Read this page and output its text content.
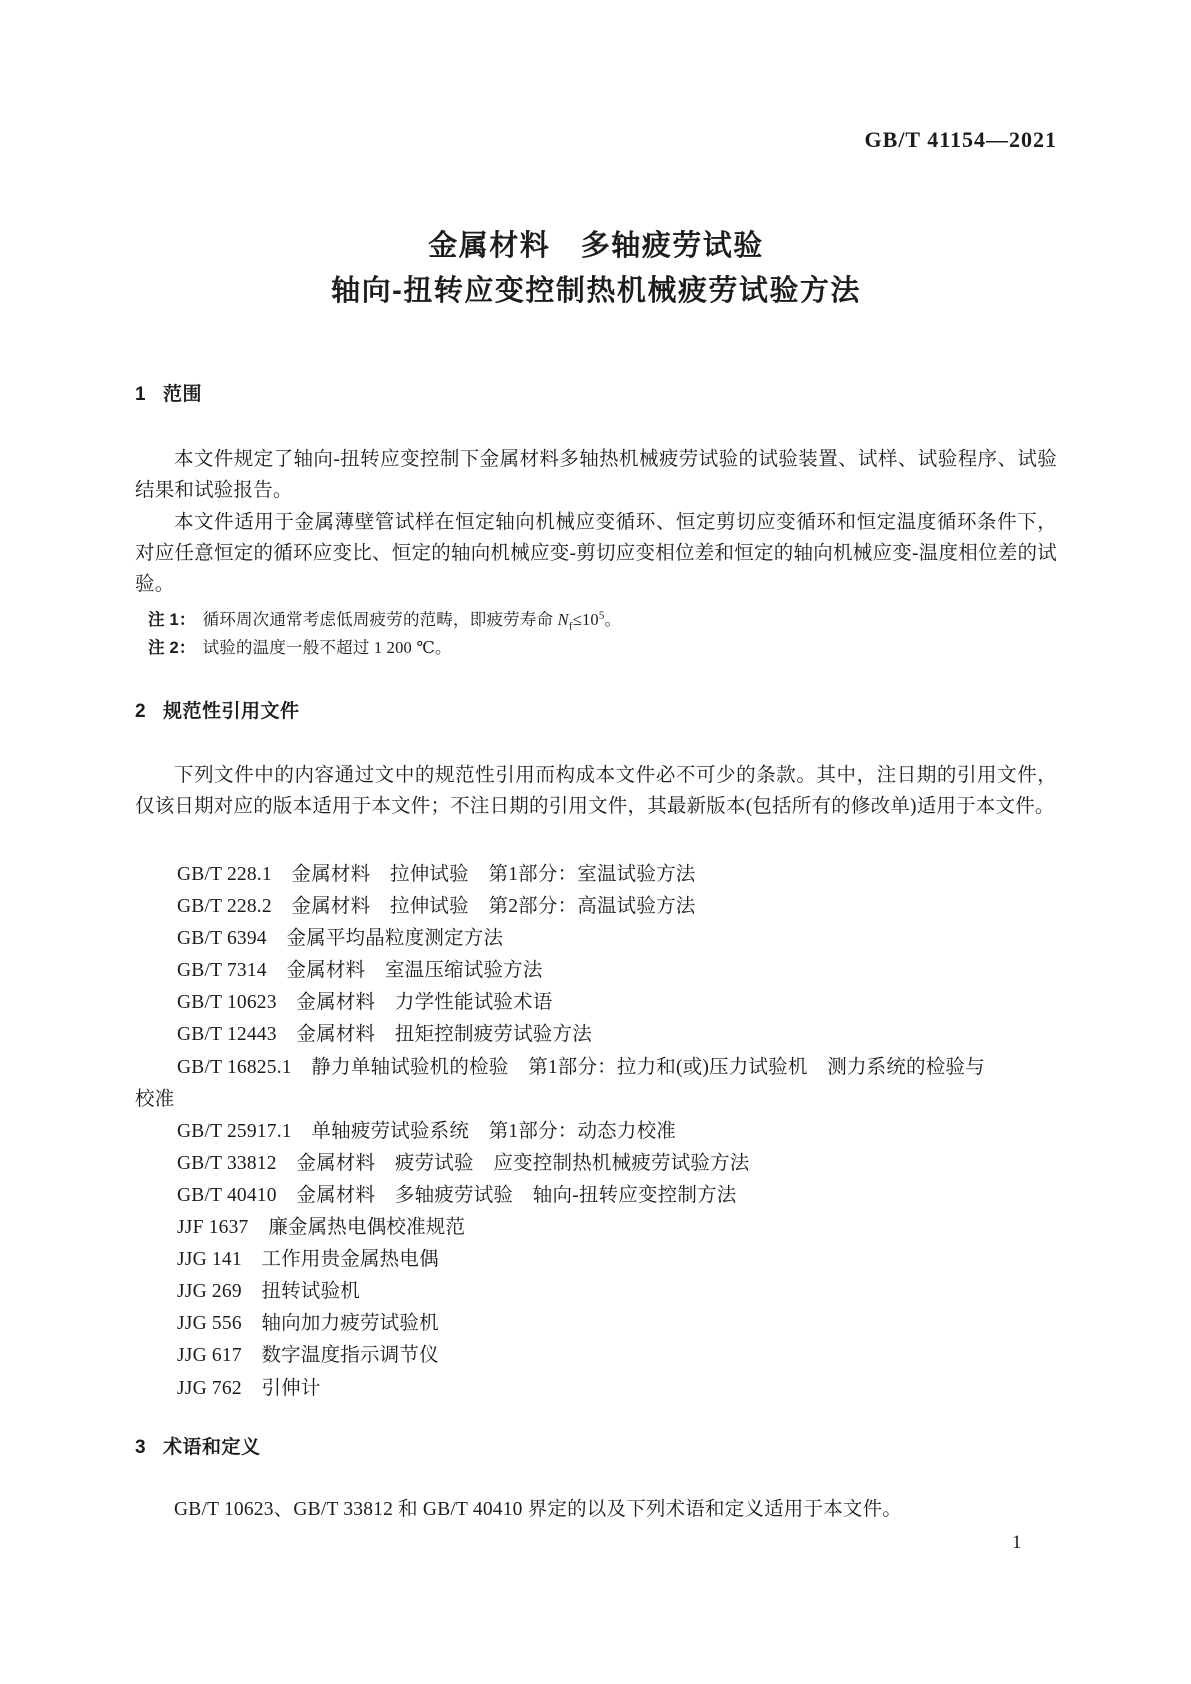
GB/T 41154—2021
金属材料　多轴疲劳试验
轴向-扭转应变控制热机械疲劳试验方法
1 范围

本文件规定了轴向-扭转应变控制下金属材料多轴热机械疲劳试验的试验装置、试样、试验程序、试验结果和试验报告。

本文件适用于金属薄壁管试样在恒定轴向机械应变循环、恒定剪切应变循环和恒定温度循环条件下，对应任意恒定的循环应变比、恒定的轴向机械应变-剪切应变相位差和恒定的轴向机械应变-温度相位差的试验。

注 1： 循环周次通常考虑低周疲劳的范畴，即疲劳寿命 $N_f\le 10^5$。
注 2： 试验的温度一般不超过 1 200 ℃。
2 规范性引用文件

下列文件中的内容通过文中的规范性引用而构成本文件必不可少的条款。其中，注日期的引用文件，仅该日期对应的版本适用于本文件；不注日期的引用文件，其最新版本(包括所有的修改单)适用于本文件。

GB/T 228.1　金属材料　拉伸试验　第1部分：室温试验方法
GB/T 228.2　金属材料　拉伸试验　第2部分：高温试验方法
GB/T 6394　金属平均晶粒度测定方法
GB/T 7314　金属材料　室温压缩试验方法
GB/T 10623　金属材料　力学性能试验术语
GB/T 12443　金属材料　扭矩控制疲劳试验方法
GB/T 16825.1　静力单轴试验机的检验　第1部分：拉力和(或)压力试验机　测力系统的检验与
校准
GB/T 25917.1　单轴疲劳试验系统　第1部分：动态力校准
GB/T 33812　金属材料　疲劳试验　应变控制热机械疲劳试验方法
GB/T 40410　金属材料　多轴疲劳试验　轴向-扭转应变控制方法
JJF 1637　廉金属热电偶校准规范
JJG 141　工作用贵金属热电偶
JJG 269　扭转试验机
JJG 556　轴向加力疲劳试验机
JJG 617　数字温度指示调节仪
JJG 762　引伸计
3 术语和定义

GB/T 10623、GB/T 33812 和 GB/T 40410 界定的以及下列术语和定义适用于本文件。

1
